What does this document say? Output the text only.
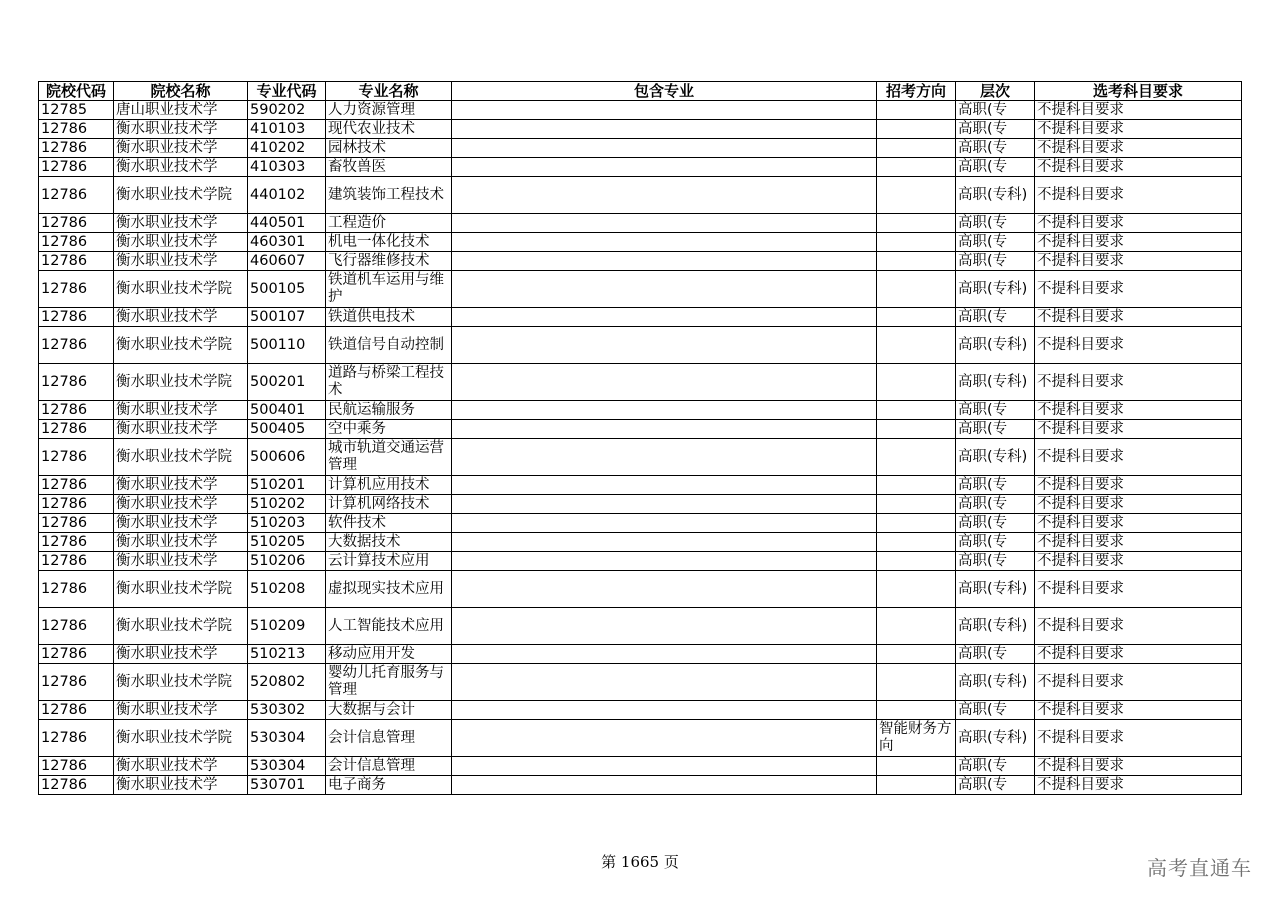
院校代码	院校名称	专业代码	专业名称	包含专业	招考方向	层次	选考科目要求
12785	唐山职业技术学	590202	人力资源管理			高职(专	不提科目要求
12786	衡水职业技术学	410103	现代农业技术			高职(专	不提科目要求
12786	衡水职业技术学	410202	园林技术			高职(专	不提科目要求
12786	衡水职业技术学	410303	畜牧兽医			高职(专	不提科目要求
12786	衡水职业技术学院	440102	建筑装饰工程技术			高职(专科)	不提科目要求
12786	衡水职业技术学	440501	工程造价			高职(专	不提科目要求
12786	衡水职业技术学	460301	机电一体化技术			高职(专	不提科目要求
12786	衡水职业技术学	460607	飞行器维修技术			高职(专	不提科目要求
12786	衡水职业技术学院	500105	铁道机车运用与维护			高职(专科)	不提科目要求
12786	衡水职业技术学	500107	铁道供电技术			高职(专	不提科目要求
12786	衡水职业技术学院	500110	铁道信号自动控制			高职(专科)	不提科目要求
12786	衡水职业技术学院	500201	道路与桥梁工程技术			高职(专科)	不提科目要求
12786	衡水职业技术学	500401	民航运输服务			高职(专	不提科目要求
12786	衡水职业技术学	500405	空中乘务			高职(专	不提科目要求
12786	衡水职业技术学院	500606	城市轨道交通运营管理			高职(专科)	不提科目要求
12786	衡水职业技术学	510201	计算机应用技术			高职(专	不提科目要求
12786	衡水职业技术学	510202	计算机网络技术			高职(专	不提科目要求
12786	衡水职业技术学	510203	软件技术			高职(专	不提科目要求
12786	衡水职业技术学	510205	大数据技术			高职(专	不提科目要求
12786	衡水职业技术学	510206	云计算技术应用			高职(专	不提科目要求
12786	衡水职业技术学院	510208	虚拟现实技术应用			高职(专科)	不提科目要求
12786	衡水职业技术学院	510209	人工智能技术应用			高职(专科)	不提科目要求
12786	衡水职业技术学	510213	移动应用开发			高职(专	不提科目要求
12786	衡水职业技术学院	520802	婴幼儿托育服务与管理			高职(专科)	不提科目要求
12786	衡水职业技术学	530302	大数据与会计			高职(专	不提科目要求
12786	衡水职业技术学院	530304	会计信息管理		智能财务方向	高职(专科)	不提科目要求
12786	衡水职业技术学	530304	会计信息管理			高职(专	不提科目要求
12786	衡水职业技术学	530701	电子商务			高职(专	不提科目要求
第 1665 页	高考直通车
